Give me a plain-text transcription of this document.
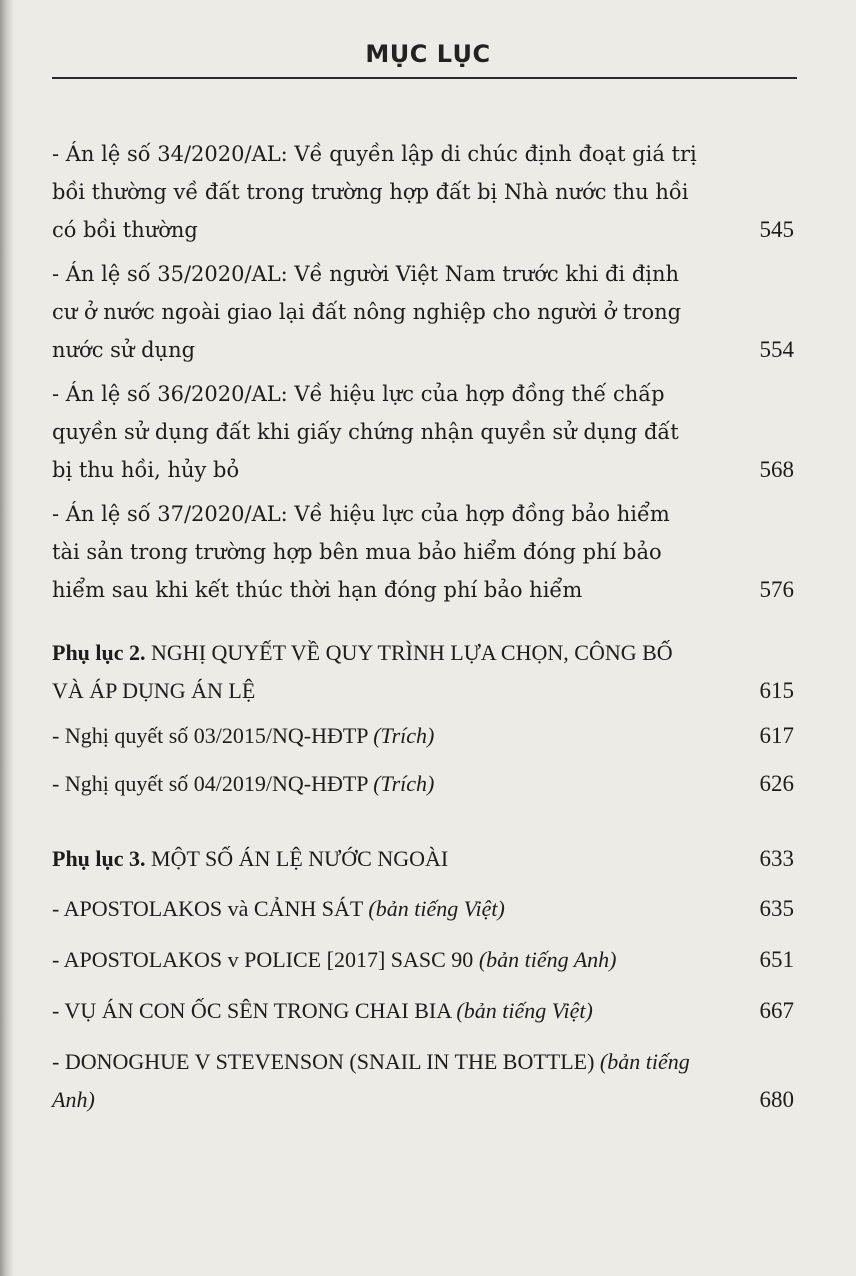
MỤC LỤC
- Án lệ số 34/2020/AL: Về quyền lập di chúc định đoạt giá trị bồi thường về đất trong trường hợp đất bị Nhà nước thu hồi có bồi thường	545
- Án lệ số 35/2020/AL: Về người Việt Nam trước khi đi định cư ở nước ngoài giao lại đất nông nghiệp cho người ở trong nước sử dụng	554
- Án lệ số 36/2020/AL: Về hiệu lực của hợp đồng thế chấp quyền sử dụng đất khi giấy chứng nhận quyền sử dụng đất bị thu hồi, hủy bỏ	568
- Án lệ số 37/2020/AL: Về hiệu lực của hợp đồng bảo hiểm tài sản trong trường hợp bên mua bảo hiểm đóng phí bảo hiểm sau khi kết thúc thời hạn đóng phí bảo hiểm	576
Phụ lục 2. NGHỊ QUYẾT VỀ QUY TRÌNH LỰA CHỌN, CÔNG BỐ VÀ ÁP DỤNG ÁN LỆ	615
- Nghị quyết số 03/2015/NQ-HĐTP (Trích)	617
- Nghị quyết số 04/2019/NQ-HĐTP (Trích)	626
Phụ lục 3. MỘT SỐ ÁN LỆ NƯỚC NGOÀI	633
- APOSTOLAKOS và CẢNH SÁT (bản tiếng Việt)	635
- APOSTOLAKOS v POLICE [2017] SASC 90 (bản tiếng Anh)	651
- VỤ ÁN CON ỐC SÊN TRONG CHAI BIA (bản tiếng Việt)	667
- DONOGHUE V STEVENSON (SNAIL IN THE BOTTLE) (bản tiếng Anh)	680
